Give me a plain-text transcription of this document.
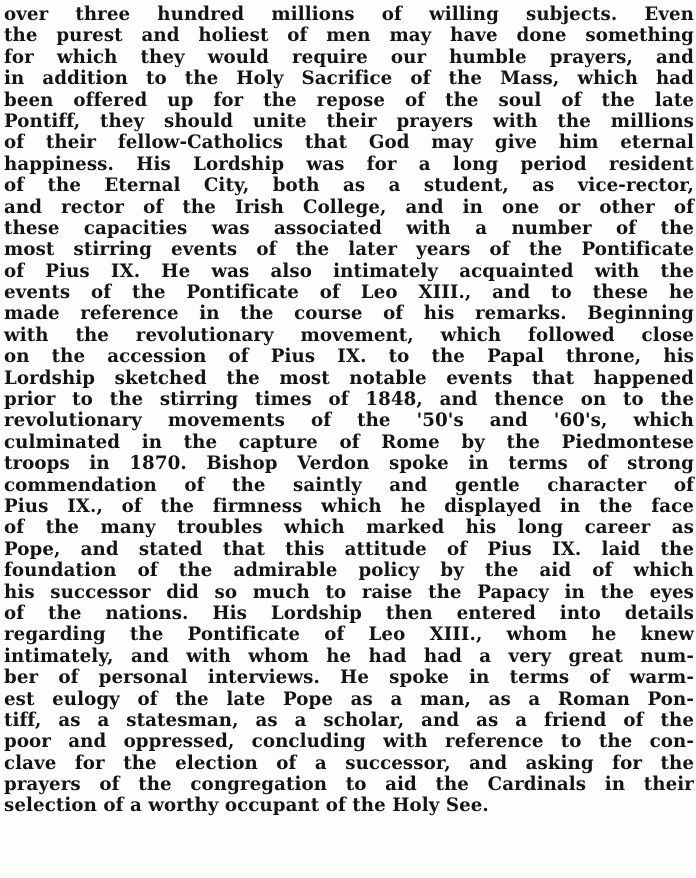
over three hundred millions of willing subjects. Even
the purest and holiest of men may have done something
for which they would require our humble prayers, and
in addition to the Holy Sacrifice of the Mass, which had
been offered up for the repose of the soul of the late
Pontiff, they should unite their prayers with the millions
of their fellow-Catholics that God may give him eternal
happiness. His Lordship was for a long period resident
of the Eternal City, both as a student, as vice-rector,
and rector of the Irish College, and in one or other of
these capacities was associated with a number of the
most stirring events of the later years of the Pontificate
of Pius IX. He was also intimately acquainted with the
events of the Pontificate of Leo XIII., and to these he
made reference in the course of his remarks. Beginning
with the revolutionary movement, which followed close
on the accession of Pius IX. to the Papal throne, his
Lordship sketched the most notable events that happened
prior to the stirring times of 1848, and thence on to the
revolutionary movements of the '50's and '60's, which
culminated in the capture of Rome by the Piedmontese
troops in 1870. Bishop Verdon spoke in terms of strong
commendation of the saintly and gentle character of
Pius IX., of the firmness which he displayed in the face
of the many troubles which marked his long career as
Pope, and stated that this attitude of Pius IX. laid the
foundation of the admirable policy by the aid of which
his successor did so much to raise the Papacy in the eyes
of the nations. His Lordship then entered into details
regarding the Pontificate of Leo XIII., whom he knew
intimately, and with whom he had had a very great num-
ber of personal interviews. He spoke in terms of warm-
est eulogy of the late Pope as a man, as a Roman Pon-
tiff, as a statesman, as a scholar, and as a friend of the
poor and oppressed, concluding with reference to the con-
clave for the election of a successor, and asking for the
prayers of the congregation to aid the Cardinals in their
selection of a worthy occupant of the Holy See.
